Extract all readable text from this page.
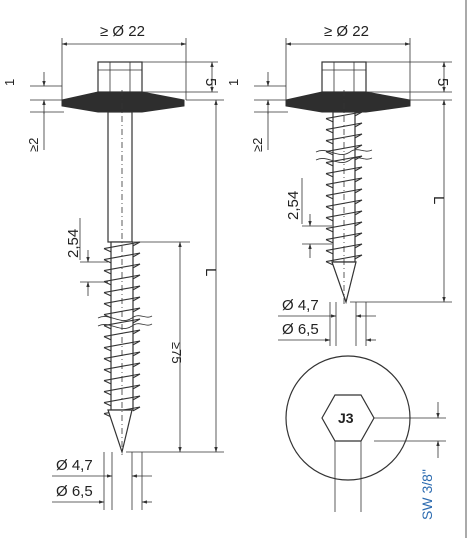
≥ Ø 22
5
1
≥2
2,54
≥75
L
Ø 4,7
Ø 6,5
≥ Ø 22
5
1
≥2
2,54	L
Ø 4,7
Ø 6,5
J3
SW 3/8"
